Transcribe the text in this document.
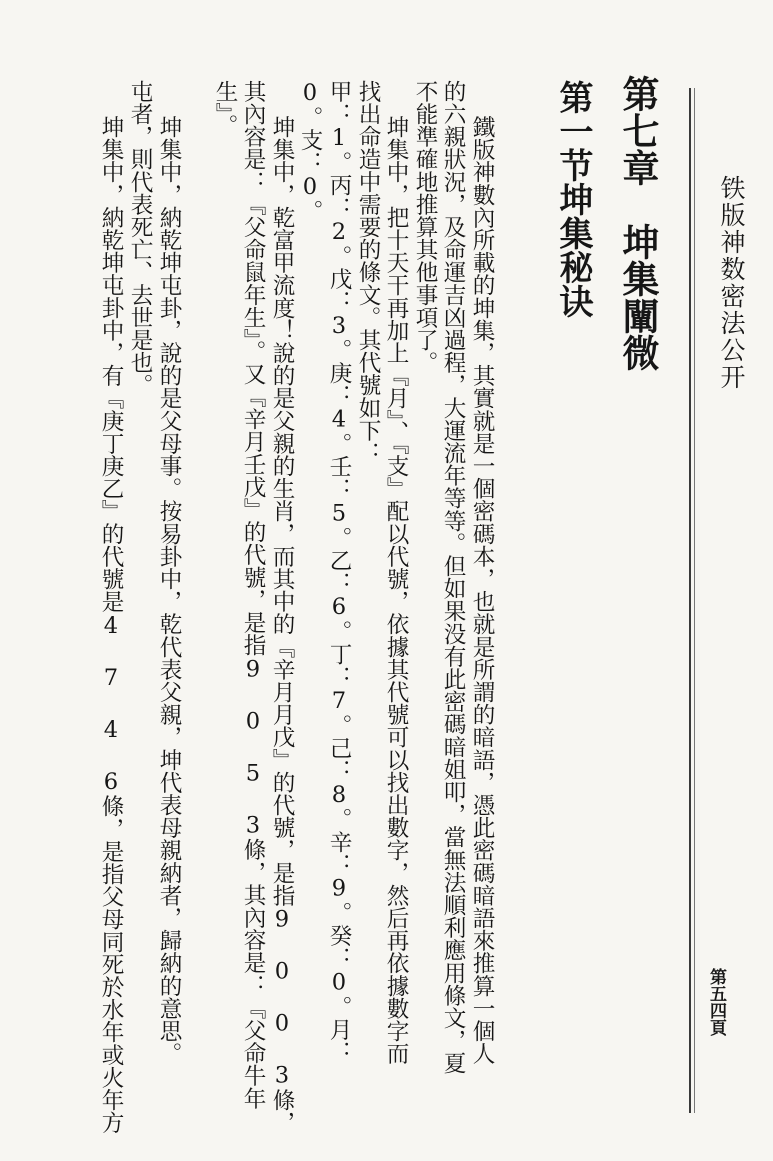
铁版神数密法公开
第五四頁
第七章　坤集闡微
第一节坤集秘诀
　鐵版神數內所載的坤集，其實就是一個密碼本，也就是所謂的暗語，憑此密碼暗語來推算一個人
的六親狀況，及命運吉凶過程，大運流年等等。但如果没有此密碼暗姐叩，當無法順利應用條文，夏
不能準確地推算其他事項了。
　坤集中，把十天干再加上『月』、『支』配以代號，依據其代號可以找出數字，然后再依據數字而
找出命造中需要的條文。其代號如下：
甲：1。丙：2。戊：3。庚：4。壬：5。乙：6。丁：7。己：8。辛：9。癸：0。月：
0。支：0。
　坤集中，乾富甲流度！說的是父親的生肖，而其中的『辛月月戊』的代號，是指9 0 0 3條，
其內容是：『父命鼠年生』。又『辛月壬戊』的代號，是指9 0 5 3條，其內容是：『父命牛年
生』。
　坤集中，納乾坤屯卦，說的是父母事。按易卦中，乾代表父親，坤代表母親納者，歸納的意思。
屯者，則代表死亡、去世是也。
　坤集中，納乾坤屯卦中，有『庚丁庚乙』的代號是4 7 4 6條，是指父母同死於水年或火年方
